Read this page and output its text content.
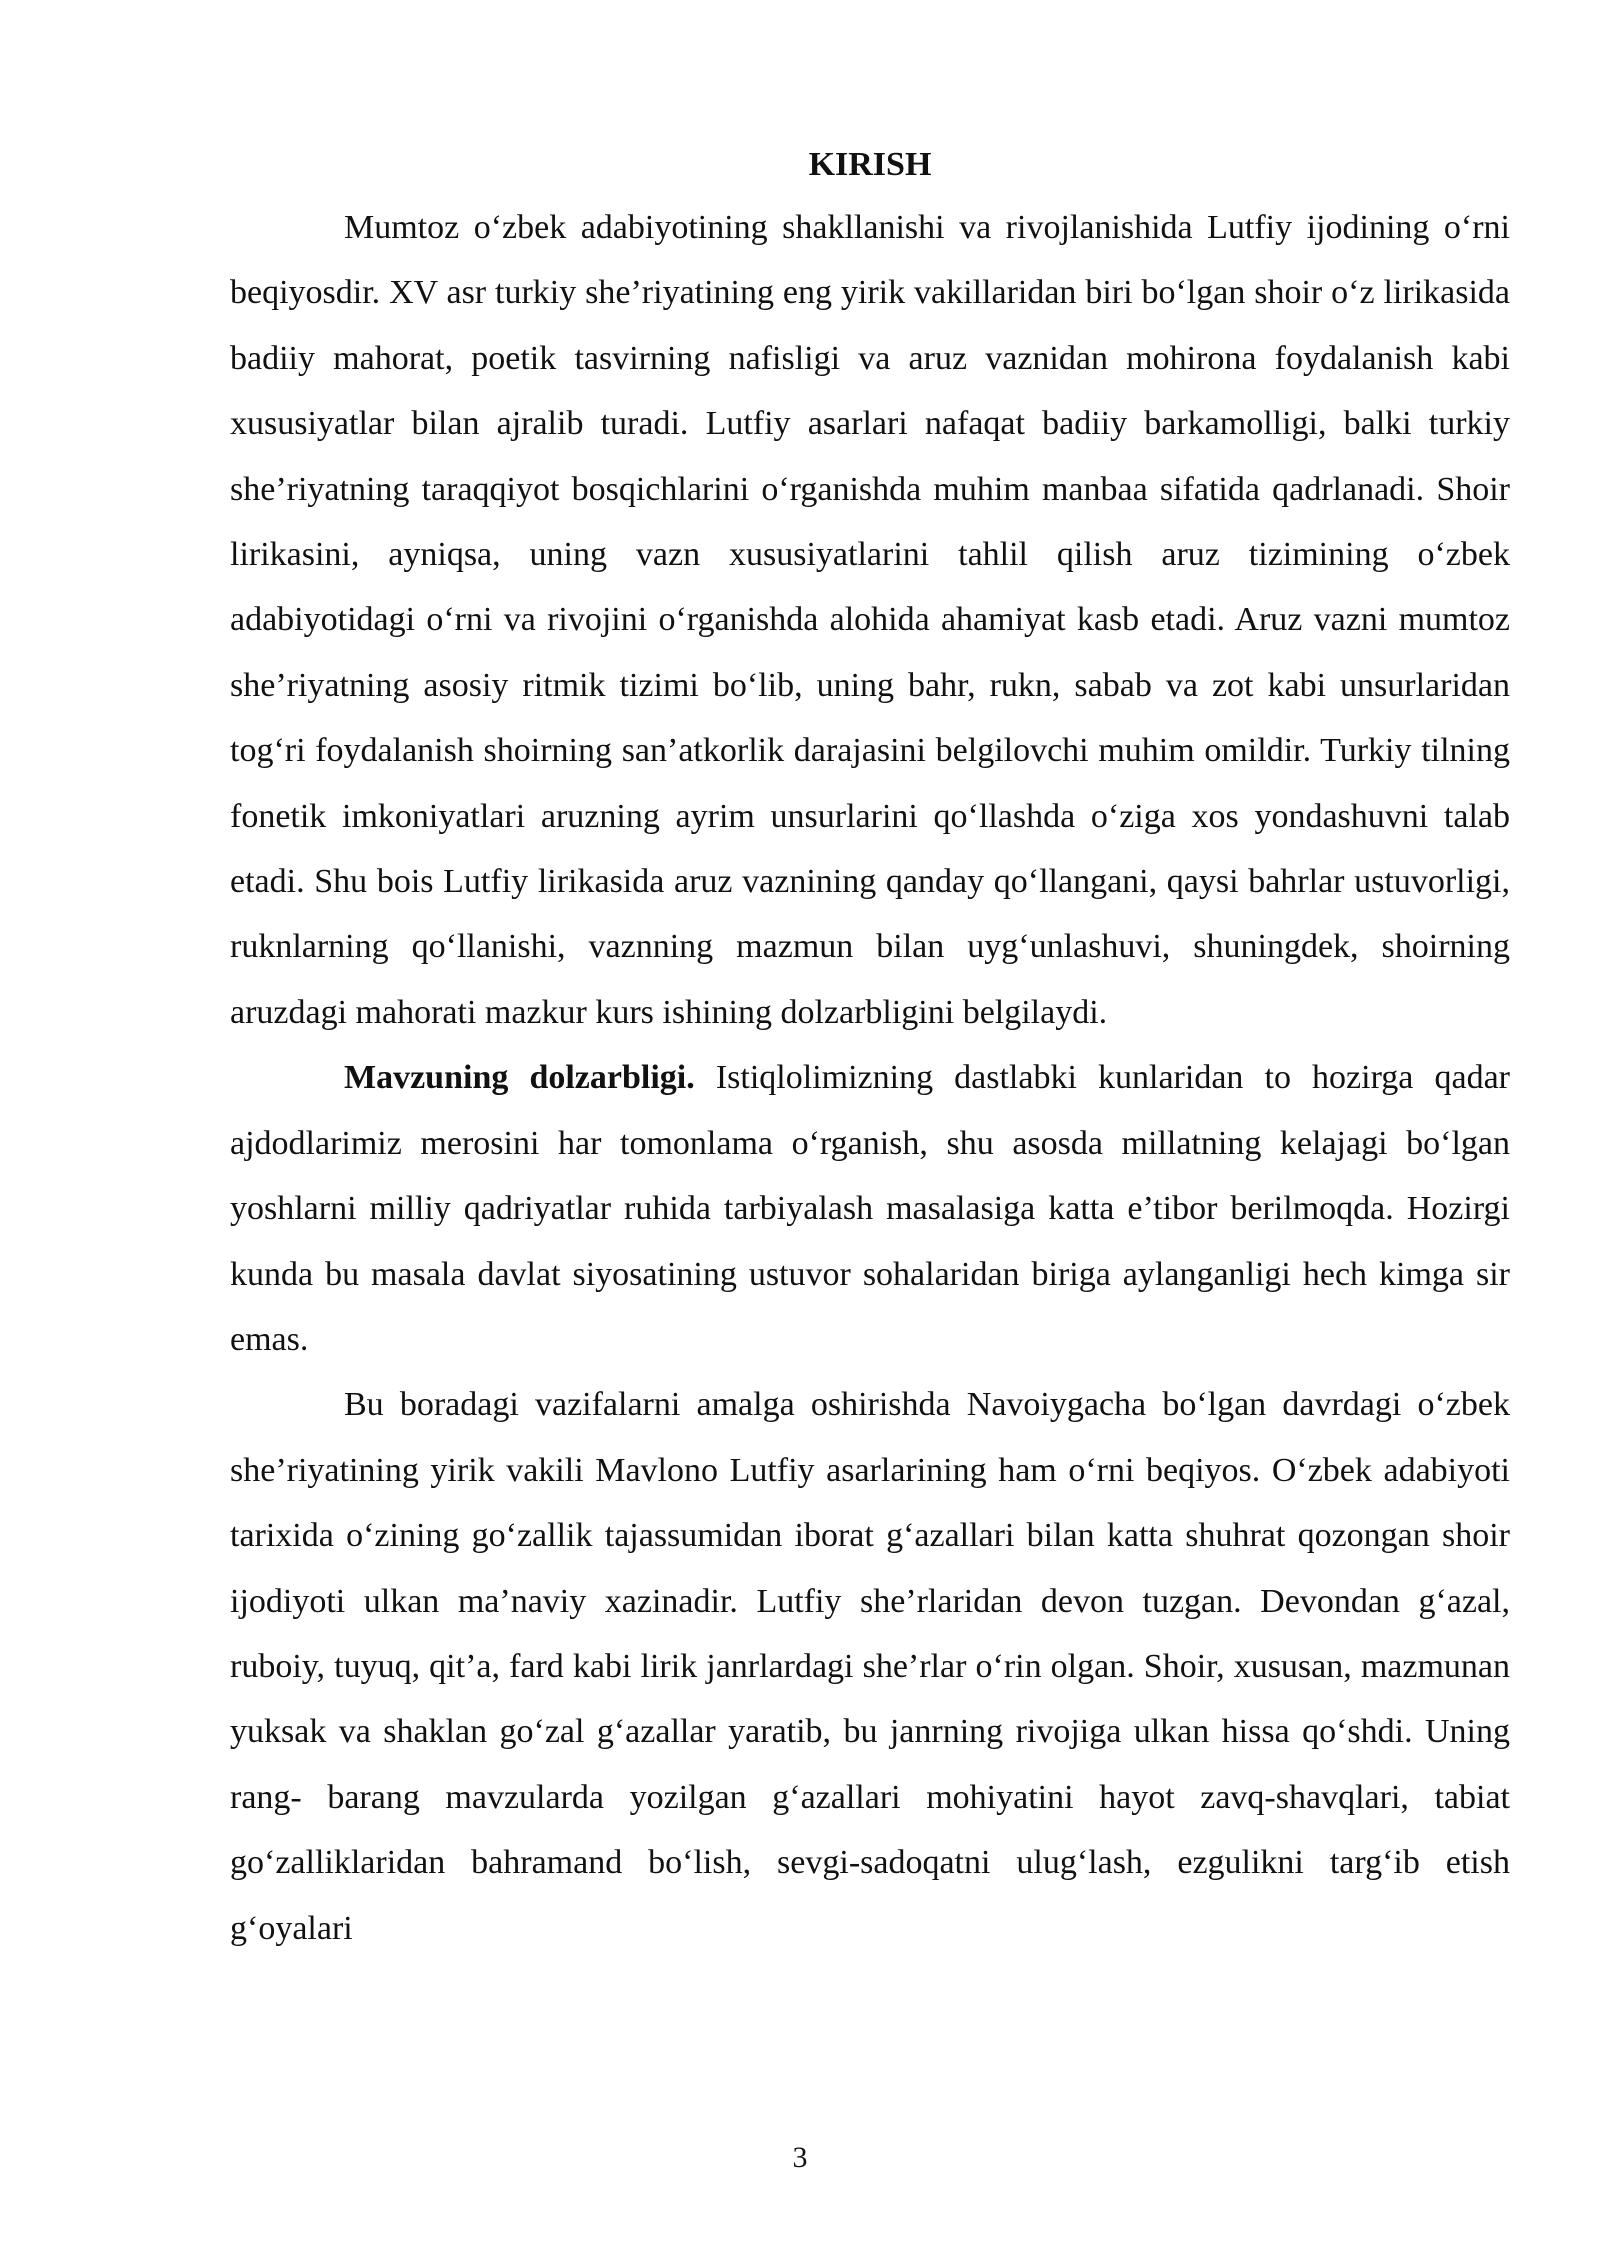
KIRISH

Mumtoz o‘zbek adabiyotining shakllanishi va rivojlanishida Lutfiy ijodining o‘rni beqiyosdir. XV asr turkiy she’riyatining eng yirik vakillaridan biri bo‘lgan shoir o‘z lirikasida badiiy mahorat, poetik tasvirning nafisligi va aruz vaznidan mohirona foydalanish kabi xususiyatlar bilan ajralib turadi. Lutfiy asarlari nafaqat badiiy barkamolligi, balki turkiy she’riyatning taraqqiyot bosqichlarini o‘rganishda muhim manbaa sifatida qadrlanadi. Shoir lirikasini, ayniqsa, uning vazn xususiyatlarini tahlil qilish aruz tizimining o‘zbek adabiyotidagi o‘rni va rivojini o‘rganishda alohida ahamiyat kasb etadi. Aruz vazni mumtoz she’riyatning asosiy ritmik tizimi bo‘lib, uning bahr, rukn, sabab va zot kabi unsurlaridan tog‘ri foydalanish shoirning san’atkorlik darajasini belgilovchi muhim omildir. Turkiy tilning fonetik imkoniyatlari aruzning ayrim unsurlarini qo‘llashda o‘ziga xos yondashuvni talab etadi. Shu bois Lutfiy lirikasida aruz vaznining qanday qo‘llangani, qaysi bahrlar ustuvorligi, ruknlarning qo‘llanishi, vaznning mazmun bilan uyg‘unlashuvi, shuningdek, shoirning aruzdagi mahorati mazkur kurs ishining dolzarbligini belgilaydi.

Mavzuning dolzarbligi. Istiqlolimizning dastlabki kunlaridan to hozirga qadar ajdodlarimiz merosini har tomonlama o‘rganish, shu asosda millatning kelajagi bo‘lgan yoshlarni milliy qadriyatlar ruhida tarbiyalash masalasiga katta e’tibor berilmoqda. Hozirgi kunda bu masala davlat siyosatining ustuvor sohalaridan biriga aylanganligi hech kimga sir emas.

Bu boradagi vazifalarni amalga oshirishda Navoiygacha bo‘lgan davrdagi o‘zbek she’riyatining yirik vakili Mavlono Lutfiy asarlarining ham o‘rni beqiyos. O‘zbek adabiyoti tarixida o‘zining go‘zallik tajassumidan iborat g‘azallari bilan katta shuhrat qozongan shoir ijodiyoti ulkan ma’naviy xazinadir. Lutfiy she’rlaridan devon tuzgan. Devondan g‘azal, ruboiy, tuyuq, qit’a, fard kabi lirik janrlardagi she’rlar o‘rin olgan. Shoir, xususan, mazmunan yuksak va shaklan go‘zal g‘azallar yaratib, bu janrning rivojiga ulkan hissa qo‘shdi. Uning rang- barang mavzularda yozilgan g‘azallari mohiyatini hayot zavq-shavqlari, tabiat go‘zalliklaridan bahramand bo‘lish, sevgi-sadoqatni ulug‘lash, ezgulikni targ‘ib etish g‘oyalari

3
